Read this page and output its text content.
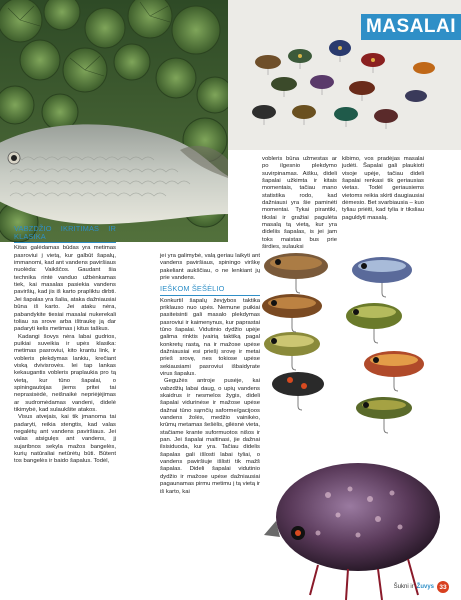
MASALAI
VABZDŽIO IKRITIMAS IR KLASIKA

Kitas galėdamas būdas yra metimas pasroviui į vietą, kur galbūt šapalų, immanomi, kad ant vandens paviršiaus nuolėda: Vaikščos. Gaudant šia technika rintė vanduo užbėnkamas tiek, kai masalas pasiekia vandens paviršių, kad jis iš karto prapliktu dirbti. Jei šapalas yra šalia, ataka dažniausiai būna iš karto. Jei ataku nėra, pabandykite tiesiai masalai nukerekali toliau sa srove arba ištraukę ją dar padaryti kelis metimas į kitus taškus.

Kadangi šovys nėra labai gudrios, puikiai suveikia ir upės klasika: metimas pasroviui, kito krantu link, ir vobleris plekdymas lankiu, krečiant viską dvivisrovės. Iei tap lankas kekaugantis vobleris praplaukia pro tą vietą, kur tūno šapalai, o spiningautojas jiems pritei tai neprasisėdė, neišnaikė nepriėjėjimas ar sudromėdamas vandeni, didelė tikimybė, kad sulaukšite atakos.

Visus atvejais, kai tik jmanoma tai padaryti, reikia stengtis, kad valas negalėtų ant vandens paviršiaus. Jei valas atsigulęs ant vandens, jį sujaribnos sekyla mažos bangelės, kurių natūraliai netūrėtų būti. Būtent tos bangelės ir baido šapalus. Todėl,

jei yra galimybė, valą geriau laikyti ant vandens paviršiaus, spiningo virškę pakeliant aukščiau, o ne lenkiant jų prie vandens.

IEŠKOM ŠEŠĖLIO

Konkurtil šapalų ževjybos taktika priklauso nuo upės. Nemune puikiai pasiteisinti gali masalo plekdymas pasroviui ir kaimenynus, kur paprastai tūno šapalai. Vidutinio dydžio upėje galima rinktis įvairią taktiką pagal konkretų rastą, na ir mažose upėse dažniausiai esi priešį srovę ir metai prieš srovę, nes tokiose upėse sekiausiami pasroviui išbaidyrate virus šapalus.

Gegužės antroje pusėje, kai vabzdžių labai daug, o upių vandens skaidrus ir nesmelos žygis, dideli šapalai vidurinėse ir mažose upėse dažnai tūno sąrnčių saforme/gacijoos vandens žolės, medžio vainikėo, krūmų metamas šešėlis, gilėsnė vieta, stačiame krante suformuotos nišos ir pan. Jei šapalai maitinasi, jie dažnai ilsisiduoda, kur yra. Tačiau didelis šapalas gali išlosti labai tyliai, o vandens paviršiuje išlisti tik mažš šapalas. Dideli šapalai vidutinio dydžio ir mažose upėse dažniausiai pagaunamas pirmu metimu į tą vietą ir iš karto, kai

vobleris būna užmestas ar po ilgesnio plekdymo suvirpinamas. Aišku, dideli šapalai užkimta ir kitais momentais, tačiau mano statistika rodo, kad dažniausi yra šie paminėti momentai. Tykai pirantiki, tikslai ir gražiai pagulėta masalą tą vietą, kur yra dideliis šapalas, is jei jam toks maistas bus prie širdies, sulauksi

kibimo, vos pradėjas masalai judėti. Šapalai gali plaukioti visoje upėje, tačiau dideli šapalai renkasi tik geriausias vietas. Todėl geriausiems vietoms reikia skirti daugiausiai dėmesio. Bet svarbiausia – kuo tyliau priėiti, kad tylia ir tiksliau paguldyti masalą.

Šukni ir Žuvys 33
